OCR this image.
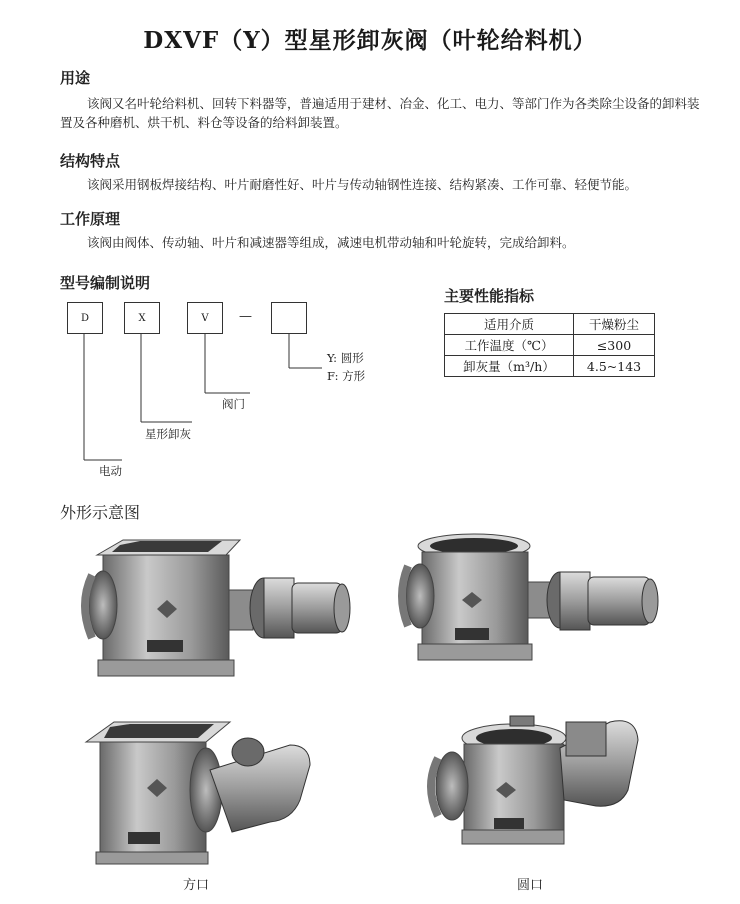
DXVF（Y）型星形卸灰阀（叶轮给料机）
用途
该阀又名叶轮给料机、回转下料器等，普遍适用于建材、冶金、化工、电力、等部门作为各类除尘设备的卸料装置及各种磨机、烘干机、料仓等设备的给料卸装置。
结构特点
该阀采用钢板焊接结构、叶片耐磨性好、叶片与传动轴钢性连接、结构紧凑、工作可靠、轻便节能。
工作原理
该阀由阀体、传动轴、叶片和减速器等组成，减速电机带动轴和叶轮旋转，完成给卸料。
型号编制说明
D	X	V	—
Y: 圆形
F: 方形
阀门
星形卸灰
电动
主要性能指标
适用介质	干燥粉尘
工作温度（℃）	≤300
卸灰量（m³/h）	4.5~143
外形示意图
方口	圆口
